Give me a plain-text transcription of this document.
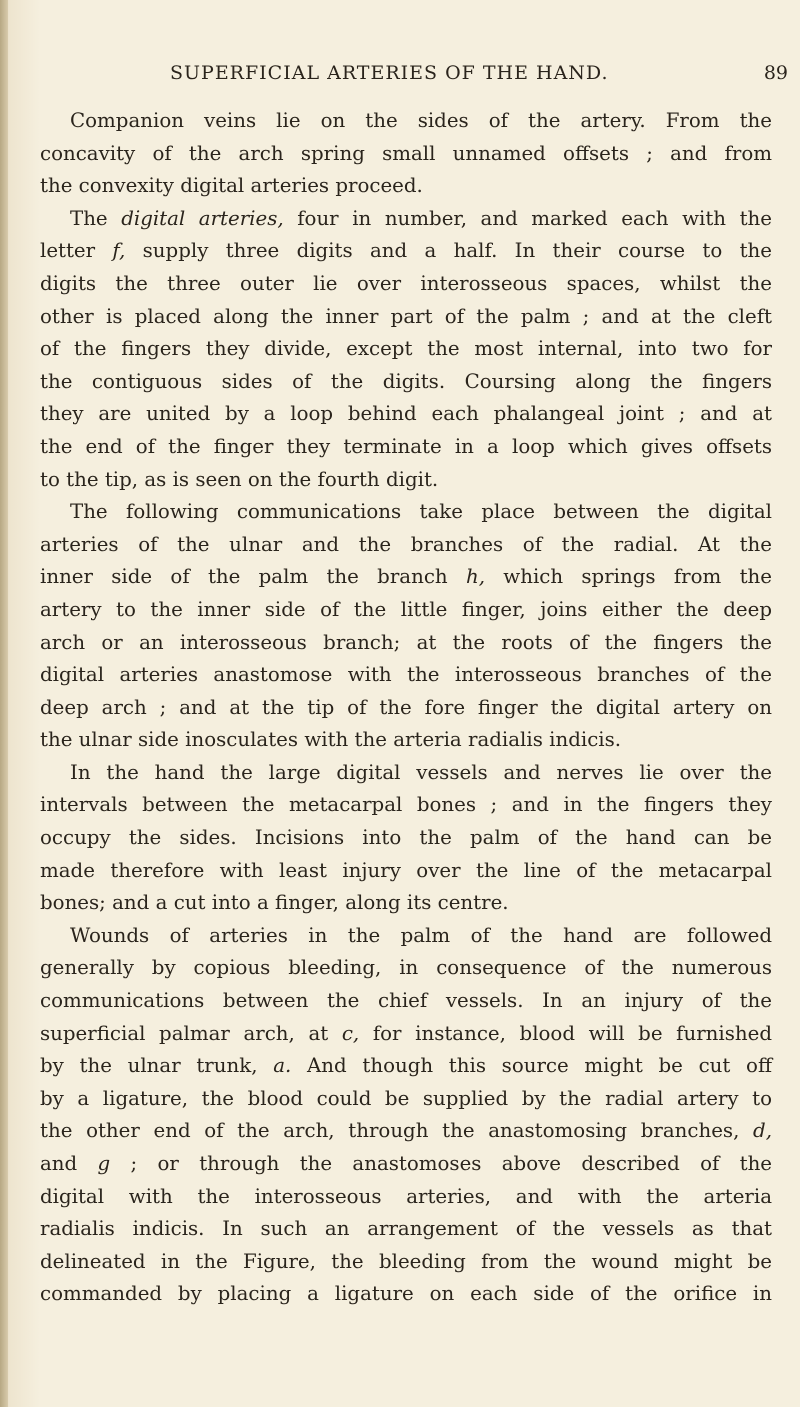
SUPERFICIAL ARTERIES OF THE HAND.	89
Companion veins lie on the sides of the artery. From the
concavity of the arch spring small unnamed offsets ; and from
the convexity digital arteries proceed.
The digital arteries, four in number, and marked each with the
letter f, supply three digits and a half. In their course to the
digits the three outer lie over interosseous spaces, whilst the
other is placed along the inner part of the palm ; and at the cleft
of the fingers they divide, except the most internal, into two for
the contiguous sides of the digits. Coursing along the fingers
they are united by a loop behind each phalangeal joint ; and at
the end of the finger they terminate in a loop which gives offsets
to the tip, as is seen on the fourth digit.
The following communications take place between the digital
arteries of the ulnar and the branches of the radial. At the
inner side of the palm the branch h, which springs from the
artery to the inner side of the little finger, joins either the deep
arch or an interosseous branch; at the roots of the fingers the
digital arteries anastomose with the interosseous branches of the
deep arch ; and at the tip of the fore finger the digital artery on
the ulnar side inosculates with the arteria radialis indicis.
In the hand the large digital vessels and nerves lie over the
intervals between the metacarpal bones ; and in the fingers they
occupy the sides. Incisions into the palm of the hand can be
made therefore with least injury over the line of the metacarpal
bones; and a cut into a finger, along its centre.
Wounds of arteries in the palm of the hand are followed
generally by copious bleeding, in consequence of the numerous
communications between the chief vessels. In an injury of the
superficial palmar arch, at c, for instance, blood will be furnished
by the ulnar trunk, a. And though this source might be cut off
by a ligature, the blood could be supplied by the radial artery to
the other end of the arch, through the anastomosing branches, d,
and g ; or through the anastomoses above described of the
digital with the interosseous arteries, and with the arteria
radialis indicis. In such an arrangement of the vessels as that
delineated in the Figure, the bleeding from the wound might be
commanded by placing a ligature on each side of the orifice in
